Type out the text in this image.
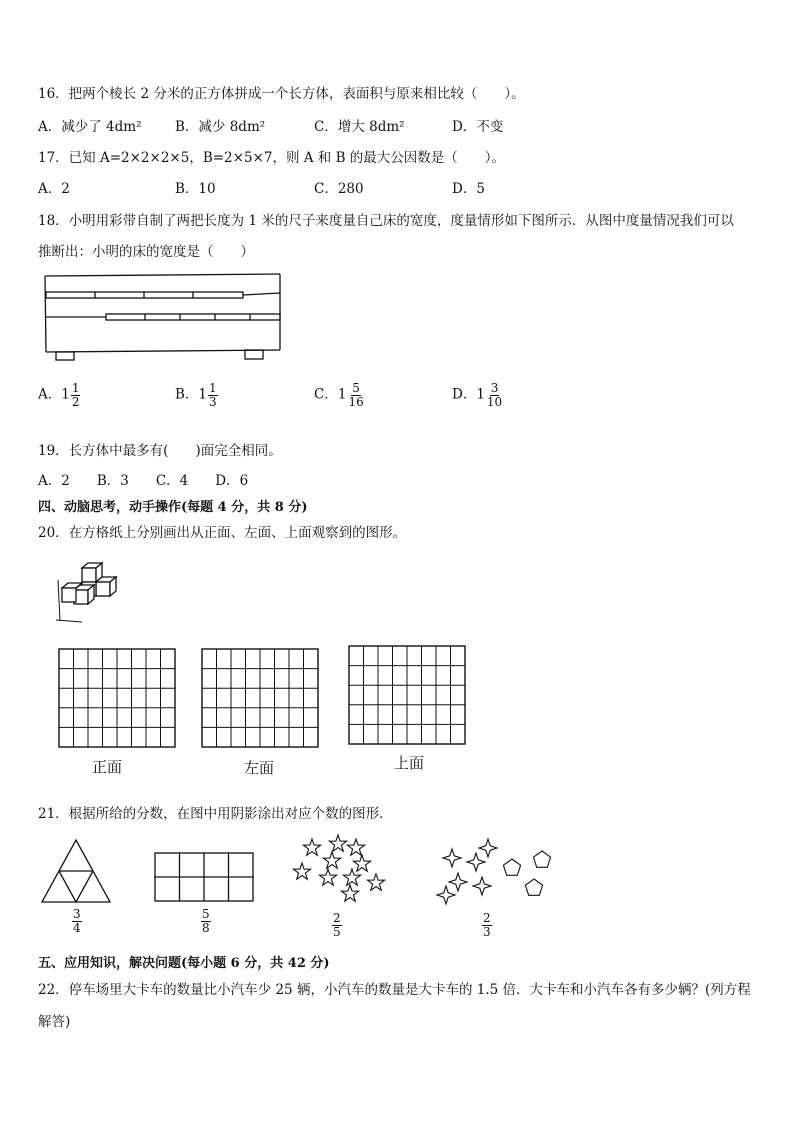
16．把两个棱长 2 分米的正方体拼成一个长方体，表面积与原来相比较（　　）。
A．减少了 4dm² B．减少 8dm²	C．增大 8dm²	D．不变
17．已知 A=2×2×2×5，B=2×5×7，则 A 和 B 的最大公因数是（　　）。
A．2	B．10	C．280	D．5
18．小明用彩带自制了两把长度为 1 米的尺子来度量自己床的宽度，度量情形如下图所示．从图中度量情况我们可以
推断出：小明的床的宽度是（　　）
A．$1 \frac{1}{2}$	B．$1 \frac{1}{3}$	C．$1 \frac{5}{16}$	D．$1 \frac{3}{10}$
19．长方体中最多有(　　)面完全相同。
A．2　　B．3　　C．4　　D．6
四、动脑思考，动手操作(每题 4 分，共 8 分)
20．在方格纸上分别画出从正面、左面、上面观察到的图形。
正面	左面	上面
21．根据所给的分数，在图中用阴影涂出对应个数的图形．
$\frac{3}{4}$	$\frac{5}{8}$	$\frac{2}{5}$	$\frac{2}{3}$
五、应用知识，解决问题(每小题 6 分，共 42 分)
22．停车场里大卡车的数量比小汽车少 25 辆，小汽车的数量是大卡车的 1.5 倍．大卡车和小汽车各有多少辆？(列方程
解答)
